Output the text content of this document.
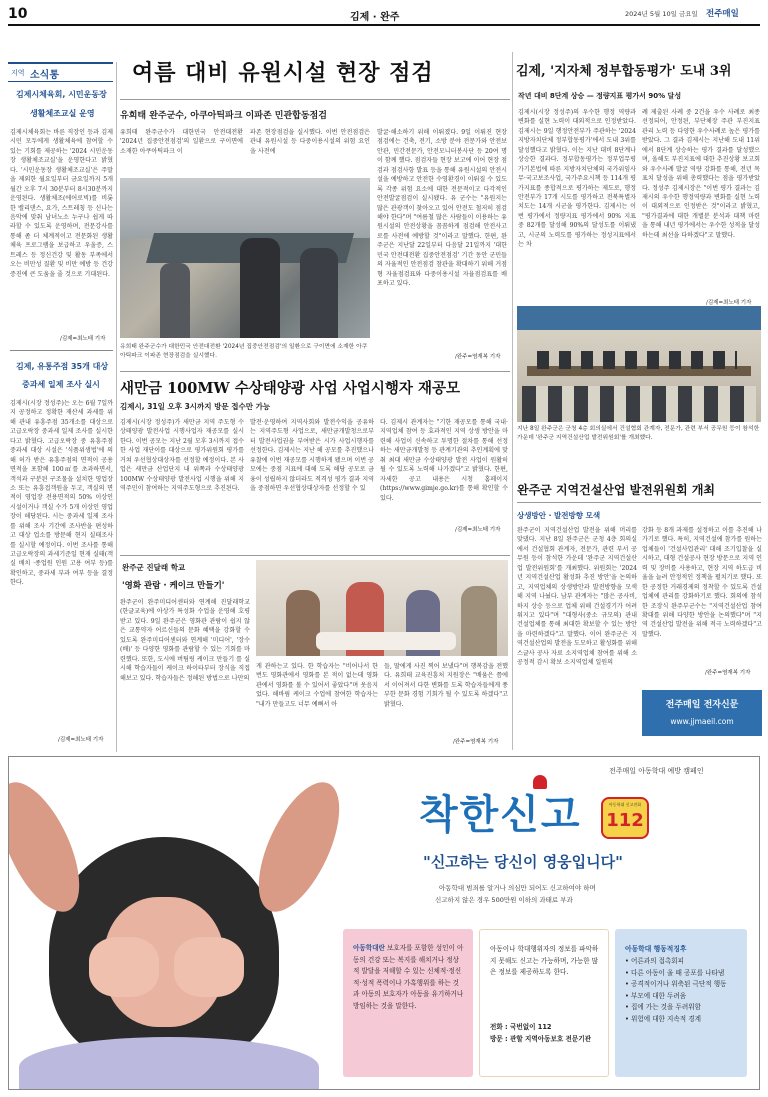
10	김제 · 완주	2024년 5월 10일 금요일 전주매일
지역 소식통
김제시체육회, 시민운동장
생활체조교실 운영
김제시체육회는 바른 직장인 등과 김제시민 모두에게 생활체육에 참여할 수 있는 기회를 제공하는 '2024 시민운동장 생활체조교실'을 운영한다고 밝혔다. '시민운동장 생활체조교실'은 주말을 제외한 월요일부터 금요일까지 5개월간 오후 7시 30분부터 8시30분까지 운영된다. 생활체조(에어로빅)를 비롯한 밸리댄스, 요가, 스트레칭 등 신나는 음악에 맞춰 남녀노소 누구나 쉽게 따라할 수 있도록 운영하며, 전문강사를 통해 좀 더 체계적이고 전문화된 생활체육 프로그램을 보급하고 우울증, 스트레스 등 정신건강 및 활동 부족에서 오는 비만성 질환 및 비만 예방 등 건강증진에 큰 도움을 줄 것으로 기대된다.
/김제=최노태 기자
김제, 유통주점 35개 대상
중과세 일제 조사 실시
김제시(시장 정성주)는 오는 6월 7일까지 공정하고 정확한 재산세 과세를 위해 관내 유흥주점 35개소를 대상으로 고급오락장 중과세 일제 조사를 실시한다고 밝혔다. 고급오락장 중 유흥주점 중과세 대상 시설은 '식품위생법'에 의해 허가 받은 유흥주점의 면적이 공용면적을 포함해 100㎡를 초과하면서, 객석과 구분된 구조물을 설치한 영업장소 또는 유흥접객원을 두고, 객실의 면적이 영업장 전용면적의 50% 이상인 시설이거나 객실 수가 5개 이상인 영업장이 해당된다. 시는 중과세 일제 조사를 위해 조사 기간에 조사반을 편성하고 대상 업소를 방문해 현지 실태조사를 실시할 예정이다. 이번 조사를 통해 고급오락장의 과세기준일 현재 실태(객실 배치 ·종업원 인원 고용 여부 등)를 확인하고, 중과세 부과 여부 등을 결정한다.
/김제=최노태 기자
여름 대비 유원시설 현장 점검
유희태 완주군수, 아쿠아틱파크 이파존 민관합동점검
유희태 완주군수가 대한민국 안전대전환 '2024년 집중안전점검'의 일환으로 구이면에 소재한 아쿠아틱파크 이
파존 현장점검을 실시했다. 이번 안전점검은 관내 유원시설 등 다중이용시설의 위험 요인을 사전에
유희태 완주군수가 대한민국 안전대전환 '2024년 집중안전점검'의 일환으로 구이면에 소재한 아쿠아틱파크 이파존 현장점검을 실시했다.
발굴·해소하기 위해 이뤄졌다. 9일 이뤄진 현장 점검에는 건축, 전기, 소방 분야 전문가와 안전보안관, 민간전문가, 안전모니터봉사단 등 20여 명이 함께 했다. 점검자들 현장 보고에 이어 현장 점검과 점검사항 발표 등을 통해 유원시설의 안전시설을 예방하고 안전한 수영환경이 이뤄질 수 있도록 각종 위험 요소에 대한 전문적이고 다각적인 안전발굴점검이 실시됐다. 유 군수는 "유원지는 많은 관광객이 찾아오고 있어 안전도 철저히 점검해야 한다"며 "여름철 많은 사람들이 이용하는 유원시설의 안전상황을 꼼꼼하게 점검해 안전사고로를 사전에 예방할 것"이라고 말했다. 한편, 완주군은 지난달 22일부터 다음달 21일까지 '대한민국 안전대전환 집중안전점검' 기간 동안 군민들의 자율적인 안전점검 참관을 확대하기 위해 거점형 자율점검표와 다중이용시설 자율점검표를 배포하고 있다.
/완주=염재복 기자
김제, '지자체 정부합동평가' 도내 3위
작년 대비 8단계 상승 — 정량지표 평가서 90% 달성
김제시(시장 정성주)의 우수한 행정 역량과 변화를 실현 노력이 대외적으로 인정받았다. 김제시는 9일 행정안전부가 주관하는 '2024 지방자치단체 정부합동평가'에서 도내 3위를 달성했다고 밝혔다. 이는 지난 대비 8단계나 상승한 결과다. 정부합동평가는 정부업무평가기본법에 따른 지방자치단체의 국가위임사무·국고보조사업, 국가주요시책 등 114개 평가지표를 종합적으로 평가하는 제도로, 행정안전부가 17개 시도를 평가하고 전북특별자치도는 14개 시군을 평가한다. 김제시는 이번 평가에서 정량지표 평가에서 90% 지표 중 82개를 달성해 90%의 달성도를 이뤄냈고, 시군의 노력도를 평가하는 정성지표에서는 차
례 제출된 사례 중 2건을 우수 사례로 최종 선정되어, 안정된, 부단체장 주관 부진지표 관리 노력 등 다양한 우수사례로 높은 평가를 받았다. 그 결과 김제시는 지난해 도내 11위에서 8단계 상승하는 평가 결과를 달성했으며, 올해도 부진지표에 대한 추진상황 보고회와 우수사례 발굴 역량 강화를 통해, 전년 목표치 달성을 위해 총력했다는 점을 평가받았다. 정성주 김제시장은 "이번 평가 결과는 김제시의 우수한 행정역량과 변화를 실현 노력이 대외적으로 인정받은 것"이라고 밝혔고, "평가결과에 대한 개별분 분석과 대책 마련을 통해 내년 평가에서는 우수한 성적을 달성하는데 최선을 다하겠다"고 말했다.
/김제=최노태 기자
지난 8일 완주군은 군청 4층 회의실에서 건설협회 관계자, 전문가, 관련 부서 공무원 등이 참석한 가운데 '완주군 지역건설산업 발전위원회'를 개최했다.
완주군 지역건설산업 발전위원회 개최
상생방안 · 발전방향 모색
완주군이 지역건설산업 발전을 위해 머리를 맞댔다. 지난 8일 완주군은 군청 4층 회의실에서 건설협회 관계자, 전문가, 관련 부서 공무원 등이 참석한 가운데 '완주군 지역건설산업 발전위원회'를 개최했다. 위원회는 '2024년 지역건설산업 활성화 추진 방안'을 논의하고, 지역업체의 상생방안과 발전방향을 모색해 지역 나눴다. 남부 관계자는 "많은 공사비, 하지 상승 등으로 업체 위해 건설경기가 어려워지고 있다"며 "대형사(중소 규모의) 관내 건설업체를 통해 최대한 확보할 수 있는 방안을 마련하겠다"고 말했다. 이어 완주군은 지역건설산업의 발전을 도모하고 활성화를 위해 스글사 공사 자료 소지역업체 참여를 위해 소공정적 감시 확보 소지역업체 일원의
강화 등 8개 과제를 설정하고 이를 추진해 나가기로 했다. 특히, 지역건설에 참가를 원하는 업체들이 '건설사업관리' 대해 조기입찰을 실시하고, 대형 건설공사 현장 방문으로 지역 인력 및 장비를 사용하고, 현장 지역 하도급 비율을 늘려 안정적인 정책을 펼치기로 했다. 또한 공정한 거래경제의 정착할 수 있도록 건설업체에 관리를 강화하기로 했다. 회의에 참석한 조장식 완주부군수는 "지역건설산업 참여 확대를 위해 다양한 방안을 논의했다"며 "지역 건설산업 발전을 위해 적극 노력하겠다"고 말했다.
/완주=염재복 기자
전주매일 전자신문
www.jjmaeil.com
새만금 100MW 수상태양광 사업 사업시행자 재공모
김제시, 31일 오후 3시까지 방문 접수만 가능
김제시(시장 정성주)가 새만금 지역 주도형 수상태양광 발전사업 시행사업자 재공모를 실시한다. 이번 공모는 지난 2월 모후 3시까지 접수한 사업 재단이를 대상으로 평가위원회 평가를 거쳐 우선협상대상자를 선정할 예정이다. 본 사업은 새만금 산업단지 내 위쪽과 수상태양광 100MW 수상태양광 발전사업 시행을 위해 지역주민이 참여하는 지역주도형으로 추진된다.
발전·운영하여 지역사회와 발전수익을 공유하는 지역주도형 사업으로, 새만금개발청으로부터 발전사업권을 부여받은 시가 사업시행자를 선정한다. 김제시는 지난 해 공모를 추진했으나 유찰에 이번 재공모를 시행하게 됐으며 이번 공모에는 중점 지표에 대해 도록 해당 공모로 금융이 성립하지 않더라도 적격성 평가 결과 지역을 중점하면 우선협상대상자를 선정할 수 있
다. 김제시 관계자는 "기한 재공모를 통해 국내·지역업체 참여 등 효과적인 지역 상생 방안을 마련해 사업이 신속하고 투명한 절차를 통해 선정하는 새만금개발청 등 관계기관의 추인계획에 맞춰 최대 새만금 수상태양광 발전 사업이 원활히 될 수 있도록 노력해 나가겠다"고 밝혔다. 한편, 자세한 공고 내용은 시청 홈페이지(https://www.gimje.go.kr)를 통해 확인할 수 있다.
/김제=최노태 기자
완주군 진달래 학교
'영화 관람 · 케이크 만들기'
완주군이 완주미디어센터와 연계해 진달래학교(한글교육)에 아상가 특성화 수업을 운영해 호평받고 있다. 9일 완주군은 영화관 관람이 쉽지 않은 교통약자 어르신들의 문화 혜택을 강화할 수 있도록 완주미디어센터와 연계해 '미디어', '장수(배)' 등 다양한 영화를 관람할 수 있는 기회를 마련했다. 또한, 도시에 버팀링 케이크 만들기 를 실시해 학습자들이 케이크 하이타부터 장식을 직접 해보고 있다. 학습자들은 정해된 방법으로 나만의
게 관하는고 있다. 한 학습자는 "비어나서 한 번도 영화관에서 영화를 본 적이 없는데 영화관에서 영화를 볼 수 있어서 좋았다"며 웃음지었다. 해바림 케이크 수업에 참여한 학습자는 "내가 만들고도 너무 예뻐서 아
들, 딸에게 사진 찍어 보냈다"며 행복감을 전했다. 유희태 교육진흥처 지원장은 "배움은 쯤에서 이어져서 다한 변화를 도록 학습자들에게 풍부한 문화 경험 기회가 될 수 있도록 하겠다"고 밝혔다.
/완주=염재복 기자
전주매일 아동학대 예방 캠페인
착한신고	아동학대 신고전화
112
"신고하는 당신이 영웅입니다"
아동학대 범죄를 알거나 의심만 되어도 신고하여야 하며
신고하지 않은 경우 500만원 이하의 과태료 부과
아동학대란 보호자를 포함한 성인이 아동의 건강 또는 복지를 해치거나 정상적 발달을 저해할 수 있는 신체적·정신적·성적 폭력이나 가혹행위를 하는 것과 아동의 보호자가 아동을 유기하거나 방임하는 것을 말한다.
아동이나 학대행위자의 정보를 파악하지 못해도 신고는 가능하며, 가능한 많은 정보를 제공하도록 한다.
전화 : 국번없이 112
방문 : 관할 지역아동보호 전문기관
아동학대 행동적징후
• 어른과의 접촉회피
• 다른 아동이 울 때 공포를 나타냄
• 공격적이거나 위축된 극단적 행동
• 부모에 대한 두려움
• 집에 가는 것을 두려워함
• 위험에 대한 지속적 경계
